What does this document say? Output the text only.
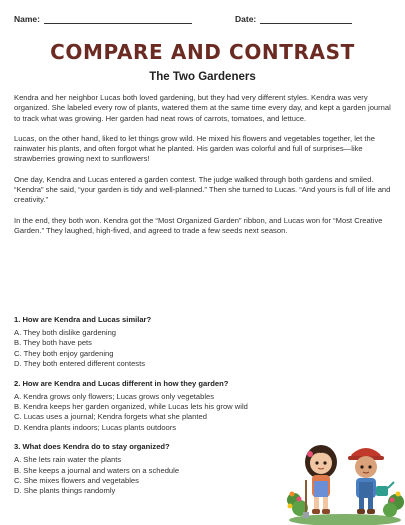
Name:	Date:
COMPARE AND CONTRAST
The Two Gardeners

Kendra and her neighbor Lucas both loved gardening, but they had very different styles. Kendra was very organized. She labeled every row of plants, watered them at the same time every day, and kept a garden journal to track what was growing. Her garden had neat rows of carrots, tomatoes, and lettuce.

Lucas, on the other hand, liked to let things grow wild. He mixed his flowers and vegetables together, let the rainwater his plants, and often forgot what he planted. His garden was colorful and full of surprises—like strawberries growing next to sunflowers!

One day, Kendra and Lucas entered a garden contest. The judge walked through both gardens and smiled. “Kendra” she said, “your garden is tidy and well-planned.” Then she turned to Lucas. “And yours is full of life and creativity.”

In the end, they both won. Kendra got the “Most Organized Garden” ribbon, and Lucas won for “Most Creative Garden.” They laughed, high-fived, and agreed to trade a few seeds next season.

1. How are Kendra and Lucas similar?
A. They both dislike gardening
B. They both have pets
C. They both enjoy gardening
D. They both entered different contests
2. How are Kendra and Lucas different in how they garden?
A. Kendra grows only flowers; Lucas grows only vegetables
B. Kendra keeps her garden organized, while Lucas lets his grow wild
C. Lucas uses a journal; Kendra forgets what she planted
D. Kendra plants indoors; Lucas plants outdoors
3. What does Kendra do to stay organized?
A. She lets rain water the plants
B. She keeps a journal and waters on a schedule
C. She mixes flowers and vegetables
D. She plants things randomly
